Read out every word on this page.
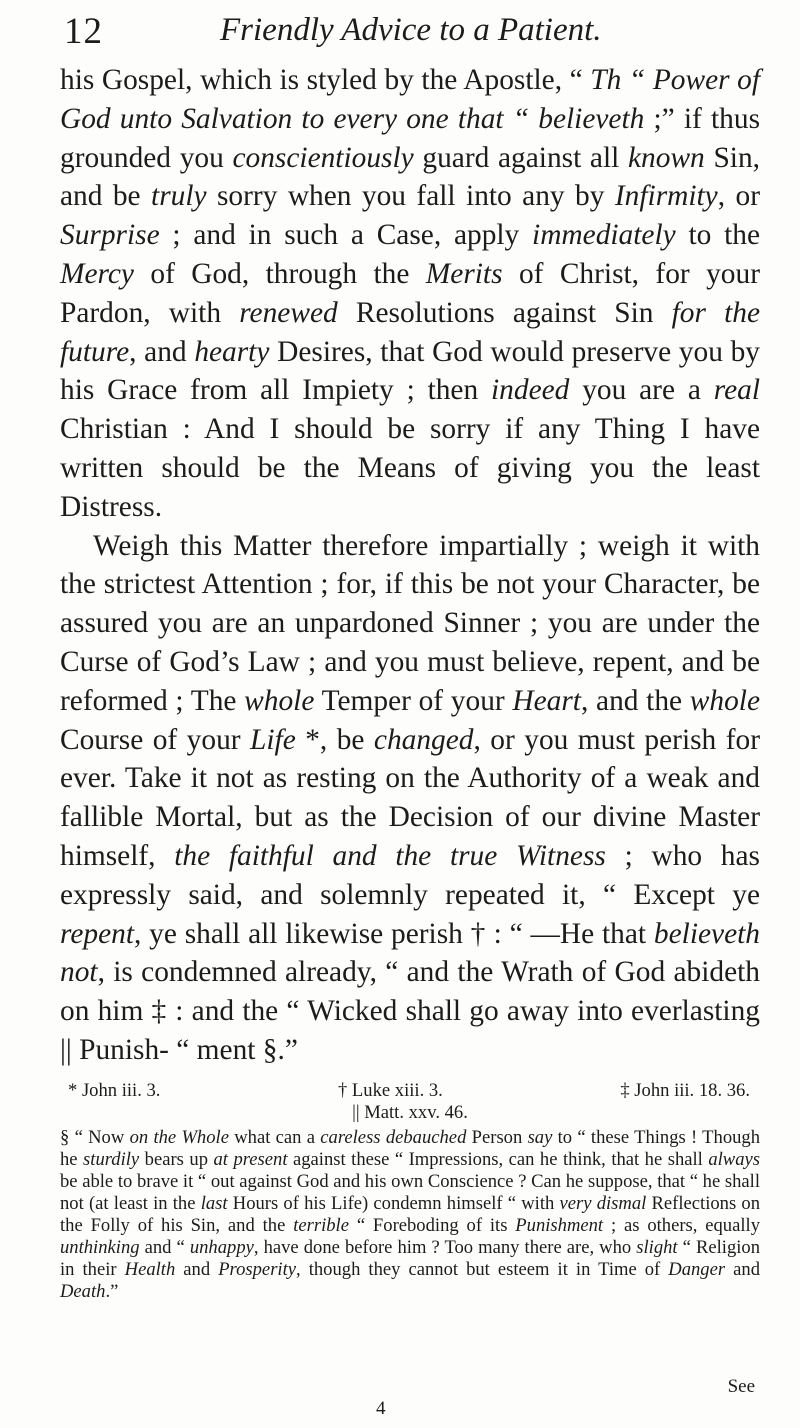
12	Friendly Advice to a Patient.

his Gospel, which is styled by the Apostle, “ Th “ Power of God unto Salvation to every one that “ believeth ;” if thus grounded you conscientiously guard against all known Sin, and be truly sorry when you fall into any by Infirmity, or Surprise ; and in such a Case, apply immediately to the Mercy of God, through the Merits of Christ, for your Pardon, with renewed Resolutions against Sin for the future, and hearty Desires, that God would preserve you by his Grace from all Impiety ; then indeed you are a real Christian : And I should be sorry if any Thing I have written should be the Means of giving you the least Distress.

Weigh this Matter therefore impartially ; weigh it with the strictest Attention ; for, if this be not your Character, be assured you are an unpardoned Sinner ; you are under the Curse of God’s Law ; and you must believe, repent, and be reformed ; The whole Temper of your Heart, and the whole Course of your Life *, be changed, or you must perish for ever. Take it not as resting on the Authority of a weak and fallible Mortal, but as the Decision of our divine Master himself, the faithful and the true Witness ; who has expressly said, and solemnly repeated it, “ Except ye repent, ye shall all likewise perish † : “ —He that believeth not, is condemned already, “ and the Wrath of God abideth on him ‡ : and the “ Wicked shall go away into everlasting || Punish- “ ment §.”

* John iii. 3.	† Luke xiii. 3.	‡ John iii. 18. 36.
|| Matt. xxv. 46.

§ “ Now on the Whole what can a careless debauched Person say to “ these Things ! Though he sturdily bears up at present against these “ Impressions, can he think, that he shall always be able to brave it “ out against God and his own Conscience ? Can he suppose, that “ he shall not (at least in the last Hours of his Life) condemn himself “ with very dismal Reflections on the Folly of his Sin, and the terrible “ Foreboding of its Punishment ; as others, equally unthinking and “ unhappy, have done before him ? Too many there are, who slight “ Religion in their Health and Prosperity, though they cannot but esteem it in Time of Danger and Death.”

See
4
